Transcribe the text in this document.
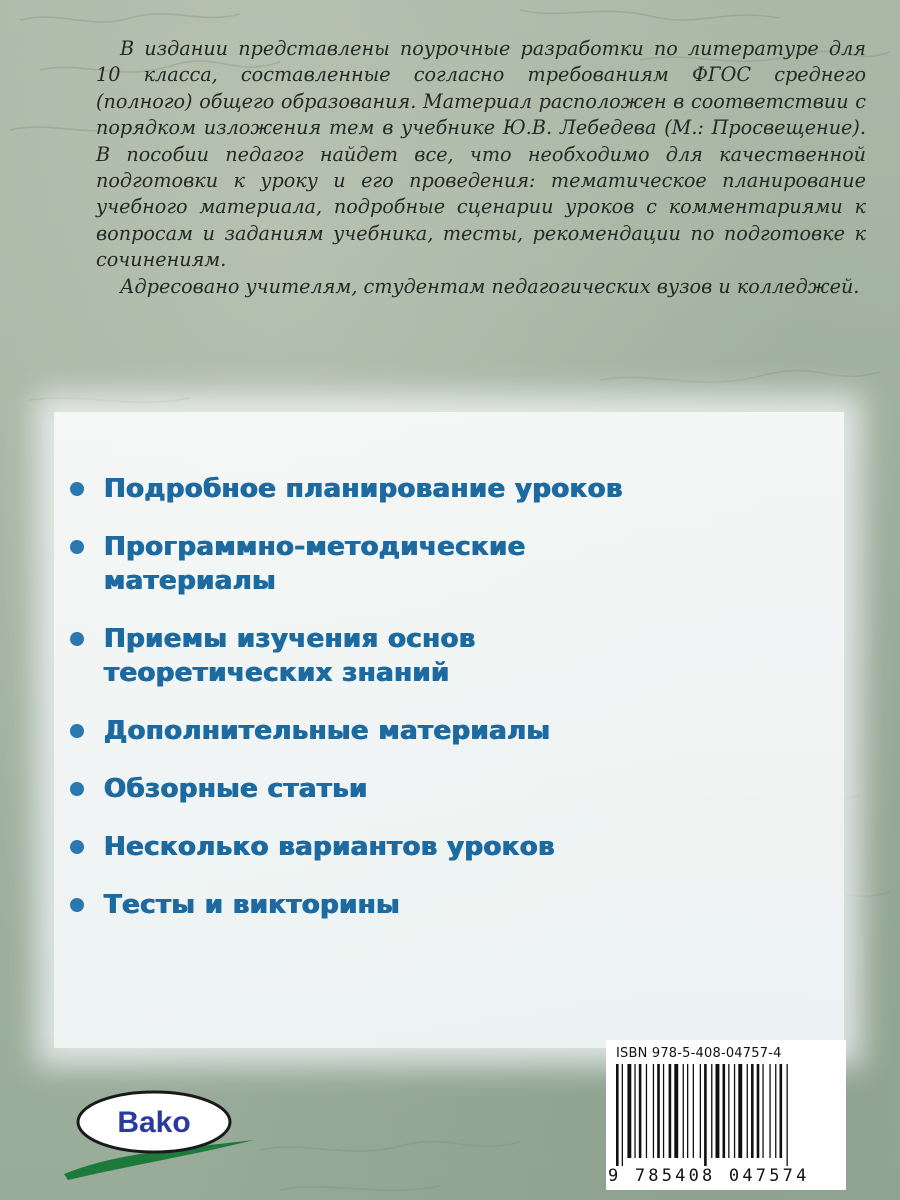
В издании представлены поурочные разработки по литературе для 10 класса, составленные согласно требованиям ФГОС среднего (полного) общего образования. Материал расположен в соответствии с порядком изложения тем в учебнике Ю.В. Лебедева (М.: Просвещение). В пособии педагог найдет все, что необходимо для качественной подготовки к уроку и его проведения: тематическое планирование учебного материала, подробные сценарии уроков с комментариями к вопросам и заданиям учебника, тесты, рекомендации по подготовке к сочинениям.

Адресовано учителям, студентам педагогических вузов и колледжей.

Подробное планирование уроков
Программно-методические материалы
Приемы изучения основ теоретических знаний
Дополнительные материалы
Обзорные статьи
Несколько вариантов уроков
Тесты и викторины
ISBN 978-5-408-04757-4
9 785408 047574
Bako
